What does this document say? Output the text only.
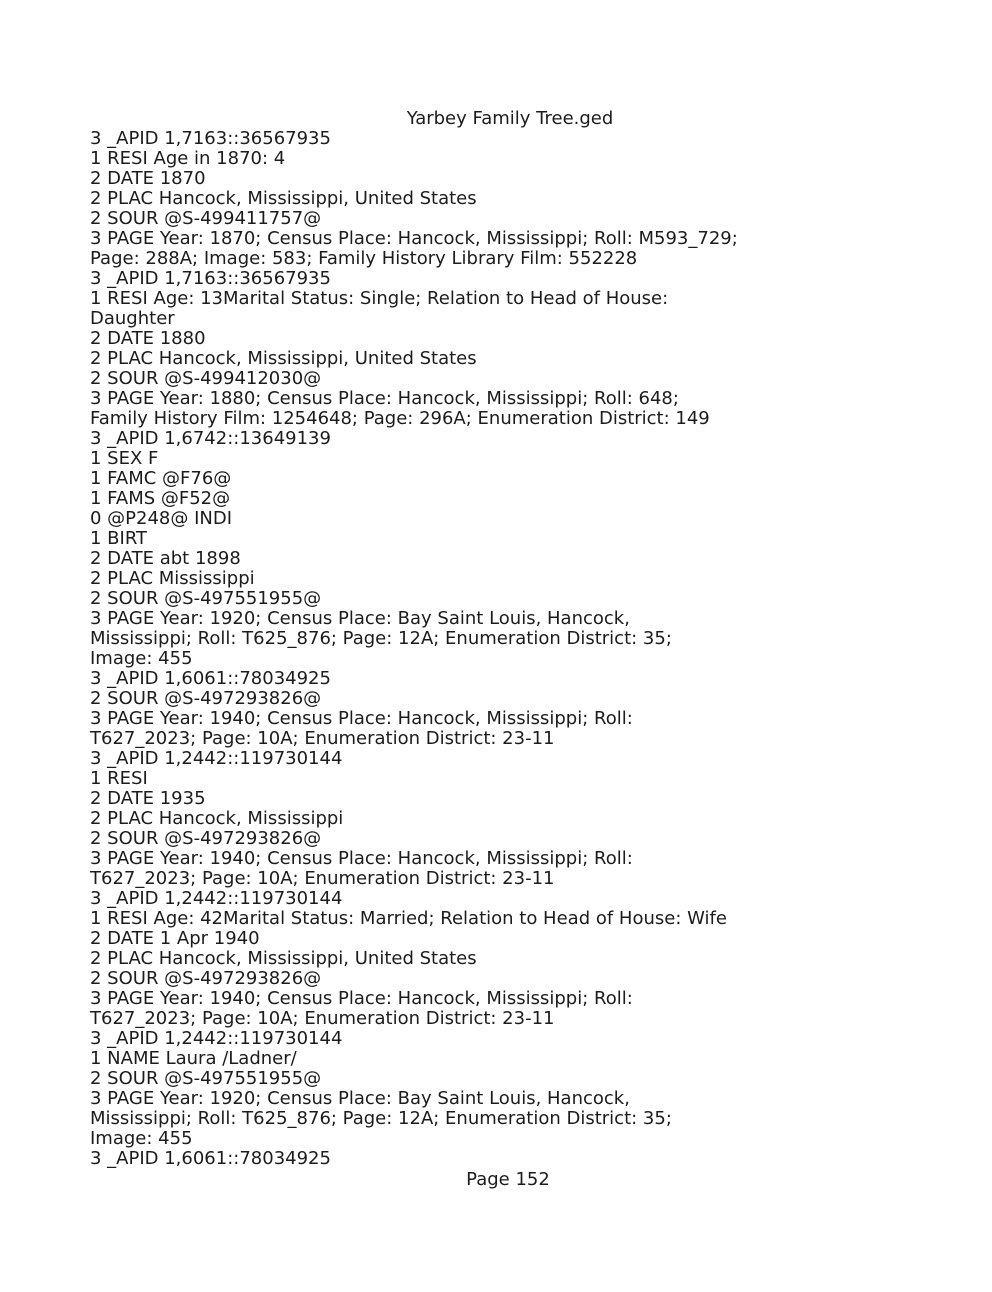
Yarbey Family Tree.ged
3 _APID 1,7163::36567935
1 RESI Age in 1870: 4
2 DATE 1870
2 PLAC Hancock, Mississippi, United States
2 SOUR @S-499411757@
3 PAGE Year: 1870; Census Place: Hancock, Mississippi; Roll: M593_729;
Page: 288A; Image: 583; Family History Library Film: 552228
3 _APID 1,7163::36567935
1 RESI Age: 13Marital Status: Single; Relation to Head of House:
Daughter
2 DATE 1880
2 PLAC Hancock, Mississippi, United States
2 SOUR @S-499412030@
3 PAGE Year: 1880; Census Place: Hancock, Mississippi; Roll: 648;
Family History Film: 1254648; Page: 296A; Enumeration District: 149
3 _APID 1,6742::13649139
1 SEX F
1 FAMC @F76@
1 FAMS @F52@
0 @P248@ INDI
1 BIRT
2 DATE abt 1898
2 PLAC Mississippi
2 SOUR @S-497551955@
3 PAGE Year: 1920; Census Place: Bay Saint Louis, Hancock,
Mississippi; Roll: T625_876; Page: 12A; Enumeration District: 35;
Image: 455
3 _APID 1,6061::78034925
2 SOUR @S-497293826@
3 PAGE Year: 1940; Census Place: Hancock, Mississippi; Roll:
T627_2023; Page: 10A; Enumeration District: 23-11
3 _APID 1,2442::119730144
1 RESI
2 DATE 1935
2 PLAC Hancock, Mississippi
2 SOUR @S-497293826@
3 PAGE Year: 1940; Census Place: Hancock, Mississippi; Roll:
T627_2023; Page: 10A; Enumeration District: 23-11
3 _APID 1,2442::119730144
1 RESI Age: 42Marital Status: Married; Relation to Head of House: Wife
2 DATE 1 Apr 1940
2 PLAC Hancock, Mississippi, United States
2 SOUR @S-497293826@
3 PAGE Year: 1940; Census Place: Hancock, Mississippi; Roll:
T627_2023; Page: 10A; Enumeration District: 23-11
3 _APID 1,2442::119730144
1 NAME Laura /Ladner/
2 SOUR @S-497551955@
3 PAGE Year: 1920; Census Place: Bay Saint Louis, Hancock,
Mississippi; Roll: T625_876; Page: 12A; Enumeration District: 35;
Image: 455
3 _APID 1,6061::78034925
Page 152
